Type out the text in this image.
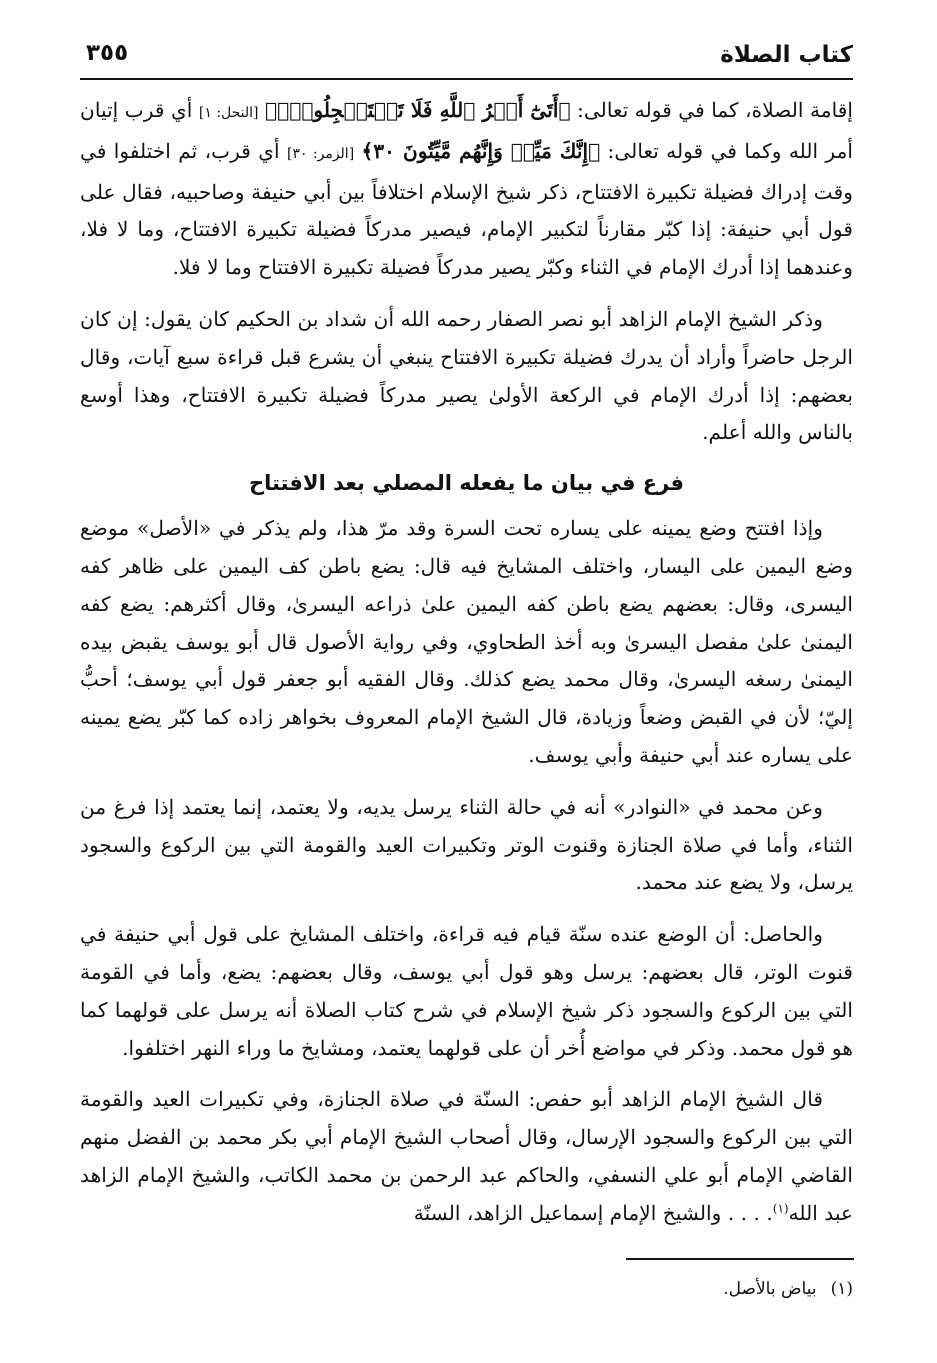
كتاب الصلاة
٣٥٥

إقامة الصلاة، كما في قوله تعالى: ﴿أَتَىٰٓ أَمۡرُ ٱللَّهِ فَلَا تَسۡتَعۡجِلُوهُۚ﴾ [النحل: ١] أي قرب إتيان أمر الله وكما في قوله تعالى: ﴿إِنَّكَ مَيِّتٞ وَإِنَّهُم مَّيِّتُونَ ٣٠﴾ [الزمر: ٣٠] أي قرب، ثم اختلفوا في وقت إدراك فضيلة تكبيرة الافتتاح، ذكر شيخ الإسلام اختلافاً بين أبي حنيفة وصاحبيه، فقال على قول أبي حنيفة: إذا كبّر مقارناً لتكبير الإمام، فيصير مدركاً فضيلة تكبيرة الافتتاح، وما لا فلا، وعندهما إذا أدرك الإمام في الثناء وكبّر يصير مدركاً فضيلة تكبيرة الافتتاح وما لا فلا.

وذكر الشيخ الإمام الزاهد أبو نصر الصفار رحمه الله أن شداد بن الحكيم كان يقول: إن كان الرجل حاضراً وأراد أن يدرك فضيلة تكبيرة الافتتاح ينبغي أن يشرع قبل قراءة سبع آيات، وقال بعضهم: إذا أدرك الإمام في الركعة الأولىٰ يصير مدركاً فضيلة تكبيرة الافتتاح، وهذا أوسع بالناس والله أعلم.

فرع في بيان ما يفعله المصلي بعد الافتتاح

وإذا افتتح وضع يمينه على يساره تحت السرة وقد مرّ هذا، ولم يذكر في «الأصل» موضع وضع اليمين على اليسار، واختلف المشايخ فيه قال: يضع باطن كف اليمين على ظاهر كفه اليسرى، وقال: بعضهم يضع باطن كفه اليمين علىٰ ذراعه اليسرىٰ، وقال أكثرهم: يضع كفه اليمنىٰ علىٰ مفصل اليسرىٰ وبه أخذ الطحاوي، وفي رواية الأصول قال أبو يوسف يقبض بيده اليمنىٰ رسغه اليسرىٰ، وقال محمد يضع كذلك. وقال الفقيه أبو جعفر قول أبي يوسف؛ أحبُّ إليّ؛ لأن في القبض وضعاً وزيادة، قال الشيخ الإمام المعروف بخواهر زاده كما كبّر يضع يمينه على يساره عند أبي حنيفة وأبي يوسف.

وعن محمد في «النوادر» أنه في حالة الثناء يرسل يديه، ولا يعتمد، إنما يعتمد إذا فرغ من الثناء، وأما في صلاة الجنازة وقنوت الوتر وتكبيرات العيد والقومة التي بين الركوع والسجود يرسل، ولا يضع عند محمد.

والحاصل: أن الوضع عنده سنّة قيام فيه قراءة، واختلف المشايخ على قول أبي حنيفة في قنوت الوتر، قال بعضهم: يرسل وهو قول أبي يوسف، وقال بعضهم: يضع، وأما في القومة التي بين الركوع والسجود ذكر شيخ الإسلام في شرح كتاب الصلاة أنه يرسل على قولهما كما هو قول محمد. وذكر في مواضع أُخر أن على قولهما يعتمد، ومشايخ ما وراء النهر اختلفوا.

قال الشيخ الإمام الزاهد أبو حفص: السنّة في صلاة الجنازة، وفي تكبيرات العيد والقومة التي بين الركوع والسجود الإرسال، وقال أصحاب الشيخ الإمام أبي بكر محمد بن الفضل منهم القاضي الإمام أبو علي النسفي، والحاكم عبد الرحمن بن محمد الكاتب، والشيخ الإمام الزاهد عبد الله$^{(١)}$. . . . والشيخ الإمام إسماعيل الزاهد، السنّة

(١)بياض بالأصل.
